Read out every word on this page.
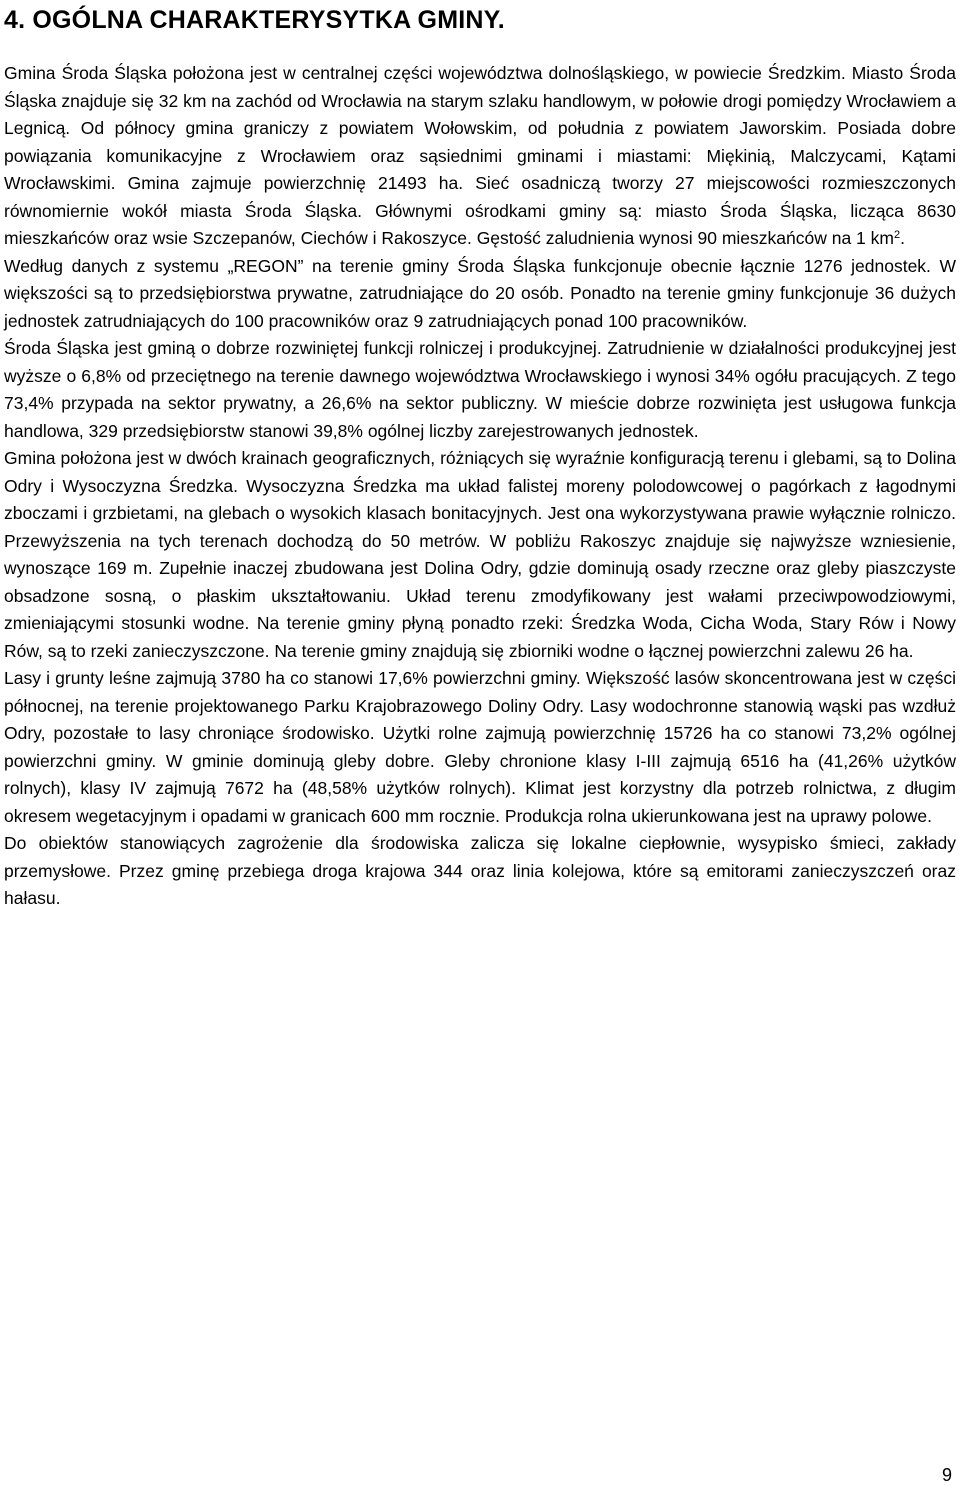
4. OGÓLNA CHARAKTERYSYTKA GMINY.

Gmina Środa Śląska położona jest w centralnej części województwa dolnośląskiego, w powiecie Średzkim. Miasto Środa Śląska znajduje się 32 km na zachód od Wrocławia na starym szlaku handlowym, w połowie drogi pomiędzy Wrocławiem a Legnicą. Od północy gmina graniczy z powiatem Wołowskim, od południa z powiatem Jaworskim. Posiada dobre powiązania komunikacyjne z Wrocławiem oraz sąsiednimi gminami i miastami: Miękinią, Malczycami, Kątami Wrocławskimi. Gmina zajmuje powierzchnię 21493 ha. Sieć osadniczą tworzy 27 miejscowości rozmieszczonych równomiernie wokół miasta Środa Śląska. Głównymi ośrodkami gminy są: miasto Środa Śląska, licząca 8630 mieszkańców oraz wsie Szczepanów, Ciechów i Rakoszyce. Gęstość zaludnienia wynosi 90 mieszkańców na 1 $km^2$.

Według danych z systemu „REGON” na terenie gminy Środa Śląska funkcjonuje obecnie łącznie 1276 jednostek. W większości są to przedsiębiorstwa prywatne, zatrudniające do 20 osób. Ponadto na terenie gminy funkcjonuje 36 dużych jednostek zatrudniających do 100 pracowników oraz 9 zatrudniających ponad 100 pracowników.

Środa Śląska jest gminą o dobrze rozwiniętej funkcji rolniczej i produkcyjnej. Zatrudnienie w działalności produkcyjnej jest wyższe o 6,8% od przeciętnego na terenie dawnego województwa Wrocławskiego i wynosi 34% ogółu pracujących. Z tego 73,4% przypada na sektor prywatny, a 26,6% na sektor publiczny. W mieście dobrze rozwinięta jest usługowa funkcja handlowa, 329 przedsiębiorstw stanowi 39,8% ogólnej liczby zarejestrowanych jednostek.

Gmina położona jest w dwóch krainach geograficznych, różniących się wyraźnie konfiguracją terenu i glebami, są to Dolina Odry i Wysoczyzna Średzka. Wysoczyzna Średzka ma układ falistej moreny polodowcowej o pagórkach z łagodnymi zboczami i grzbietami, na glebach o wysokich klasach bonitacyjnych. Jest ona wykorzystywana prawie wyłącznie rolniczo. Przewyższenia na tych terenach dochodzą do 50 metrów. W pobliżu Rakoszyc znajduje się najwyższe wzniesienie, wynoszące 169 m. Zupełnie inaczej zbudowana jest Dolina Odry, gdzie dominują osady rzeczne oraz gleby piaszczyste obsadzone sosną, o płaskim ukształtowaniu. Układ terenu zmodyfikowany jest wałami przeciwpowodziowymi, zmieniającymi stosunki wodne. Na terenie gminy płyną ponadto rzeki: Średzka Woda, Cicha Woda, Stary Rów i Nowy Rów, są to rzeki zanieczyszczone. Na terenie gminy znajdują się zbiorniki wodne o łącznej powierzchni zalewu 26 ha.

Lasy i grunty leśne zajmują 3780 ha co stanowi 17,6% powierzchni gminy. Większość lasów skoncentrowana jest w części północnej, na terenie projektowanego Parku Krajobrazowego Doliny Odry. Lasy wodochronne stanowią wąski pas wzdłuż Odry, pozostałe to lasy chroniące środowisko. Użytki rolne zajmują powierzchnię 15726 ha co stanowi 73,2% ogólnej powierzchni gminy. W gminie dominują gleby dobre. Gleby chronione klasy I-III zajmują 6516 ha (41,26% użytków rolnych), klasy IV zajmują 7672 ha (48,58% użytków rolnych). Klimat jest korzystny dla potrzeb rolnictwa, z długim okresem wegetacyjnym i opadami w granicach 600 mm rocznie. Produkcja rolna ukierunkowana jest na uprawy polowe.

Do obiektów stanowiących zagrożenie dla środowiska zalicza się lokalne ciepłownie, wysypisko śmieci, zakłady przemysłowe. Przez gminę przebiega droga krajowa 344 oraz linia kolejowa, które są emitorami zanieczyszczeń oraz hałasu.

9
